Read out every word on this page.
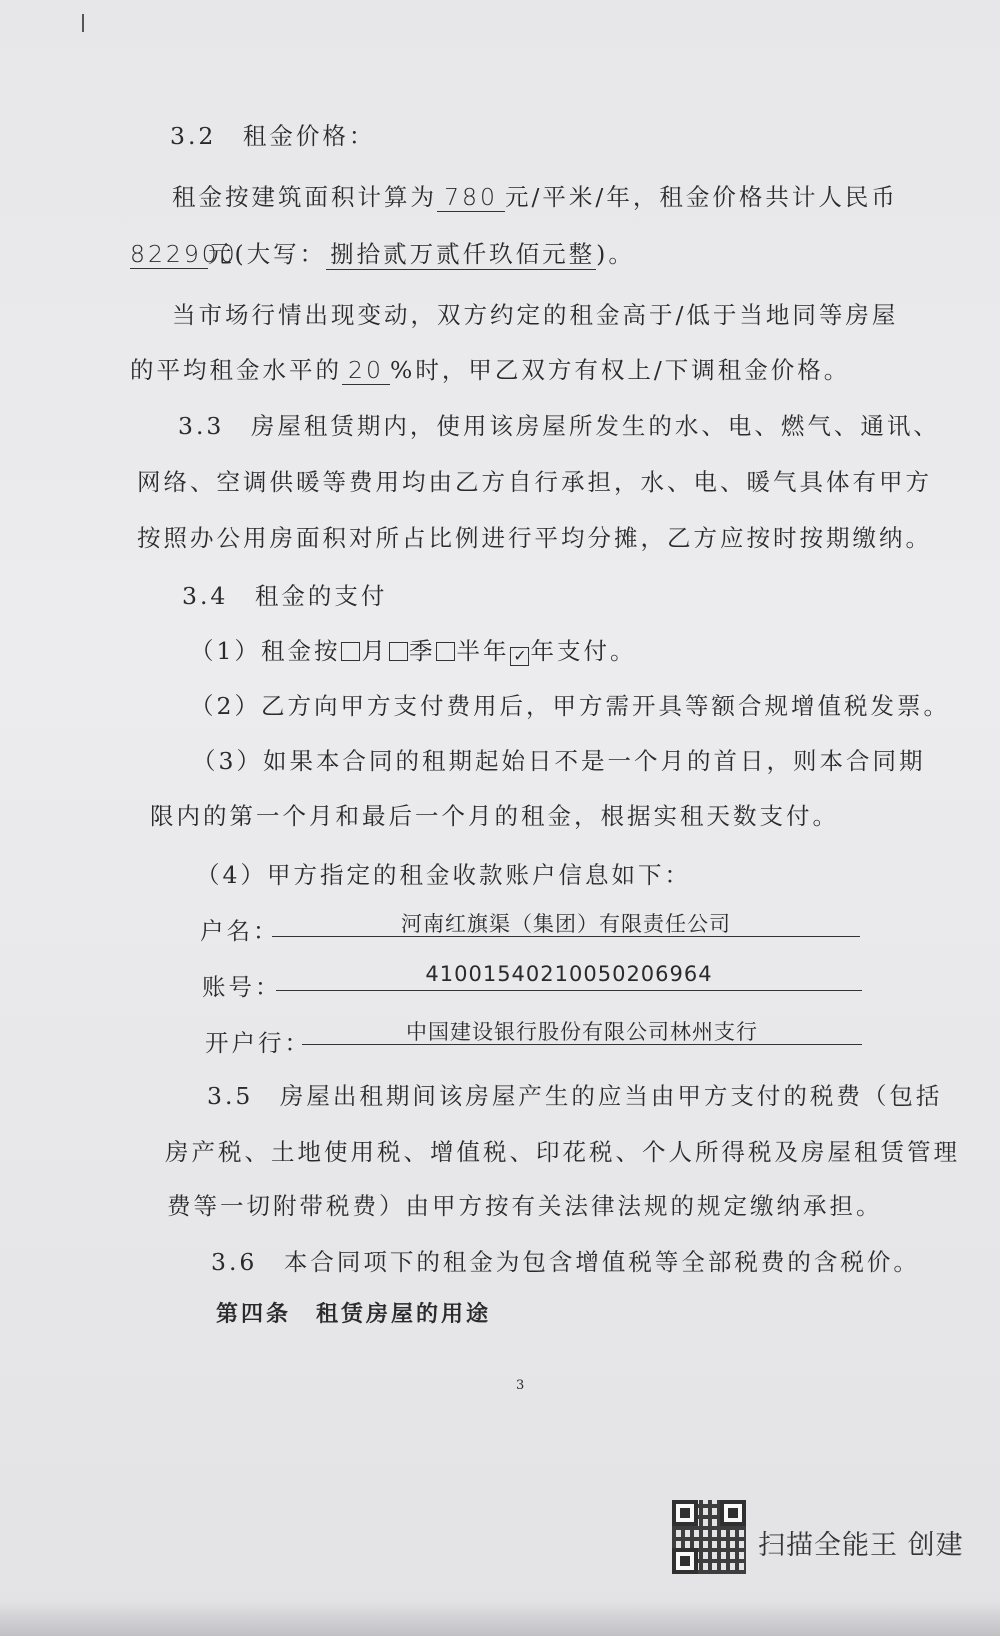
3.2　租金价格：
租金按建筑面积计算为 780 元/平米/年，租金价格共计人民币
822900元(大写： 捌拾贰万贰仟玖佰元整)。
当市场行情出现变动，双方约定的租金高于/低于当地同等房屋
的平均租金水平的 20 %时，甲乙双方有权上/下调租金价格。
3.3　房屋租赁期内，使用该房屋所发生的水、电、燃气、通讯、
网络、空调供暖等费用均由乙方自行承担，水、电、暖气具体有甲方
按照办公用房面积对所占比例进行平均分摊，乙方应按时按期缴纳。
3.4　租金的支付
（1）租金按 月 季 半年 ✓ 年支付。
（2）乙方向甲方支付费用后，甲方需开具等额合规增值税发票。
（3）如果本合同的租期起始日不是一个月的首日，则本合同期
限内的第一个月和最后一个月的租金，根据实租天数支付。
（4）甲方指定的租金收款账户信息如下：
户名：	河南红旗渠（集团）有限责任公司
账号：	41001540210050206964
开户行：	中国建设银行股份有限公司林州支行
3.5　房屋出租期间该房屋产生的应当由甲方支付的税费（包括
房产税、土地使用税、增值税、印花税、个人所得税及房屋租赁管理
费等一切附带税费）由甲方按有关法律法规的规定缴纳承担。
3.6　本合同项下的租金为包含增值税等全部税费的含税价。
第四条　租赁房屋的用途
3
扫描全能王 创建
